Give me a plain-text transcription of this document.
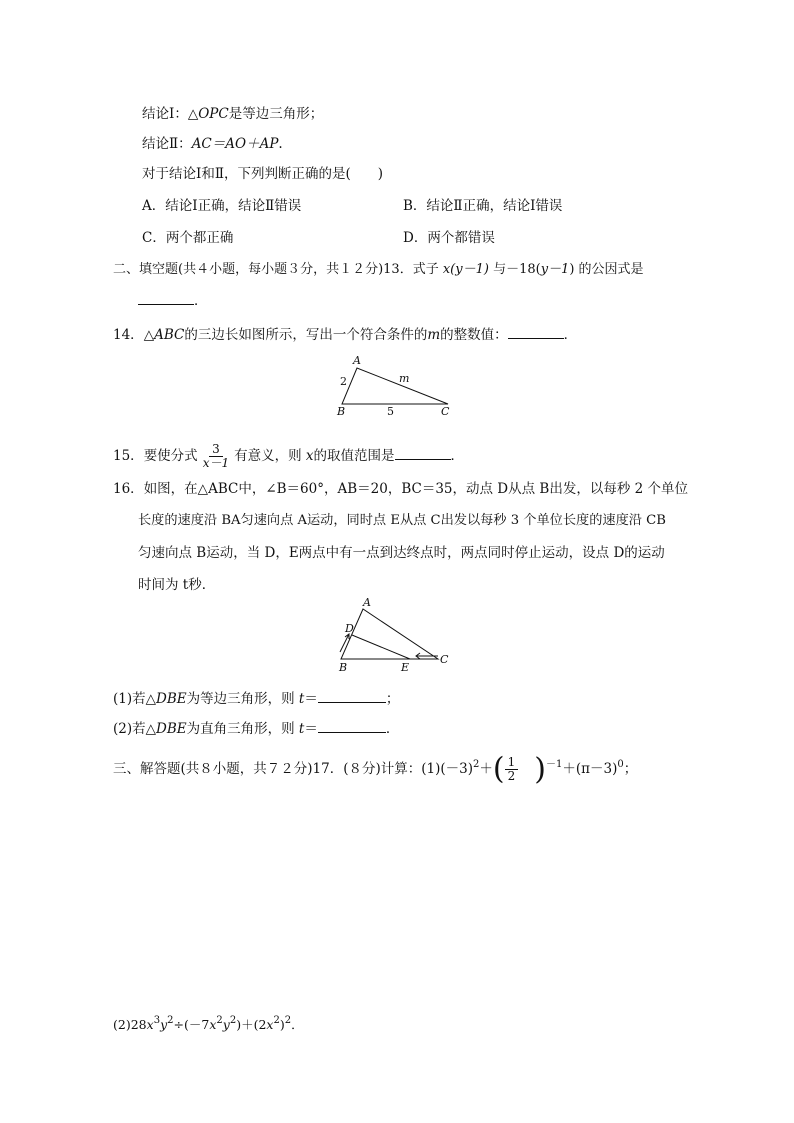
结论Ⅰ：△OPC是等边三角形；
结论Ⅱ：AC＝AO＋AP.
对于结论Ⅰ和Ⅱ，下列判断正确的是(　　)
A．结论Ⅰ正确，结论Ⅱ错误	B．结论Ⅱ正确，结论Ⅰ错误
C．两个都正确	D．两个都错误
二、填空题(共４小题，每小题３分，共１２分)13．式子 x(y－1) 与－18(y－1) 的公因式是
．
14．△ABC的三边长如图所示，写出一个符合条件的m的整数值：	．
A
B	C
2
5
m
15．要使分式 $\frac{3}{x-1}$ 有意义，则 x的取值范围是	．
16．如图，在△ABC中，∠B＝60°，AB＝20，BC＝35，动点 D从点 B出发，以每秒 2 个单位
长度的速度沿 BA匀速向点 A运动，同时点 E从点 C出发以每秒 3 个单位长度的速度沿 CB
匀速向点 B运动，当 D，E两点中有一点到达终点时，两点同时停止运动，设点 D的运动
时间为 t秒．
A
D
B	E
C
(1)若△DBE为等边三角形，则 t＝	；
(2)若△DBE为直角三角形，则 t＝	．
三、解答题(共８小题，共７２分)17．(８分)计算：$(1)(-3)^2+( \frac{1}{2} )^{-1}+(\pi-3)^0$；
$(2)28x^3y^2\div(-7x^2y^2)+(2x^2)^2$．
